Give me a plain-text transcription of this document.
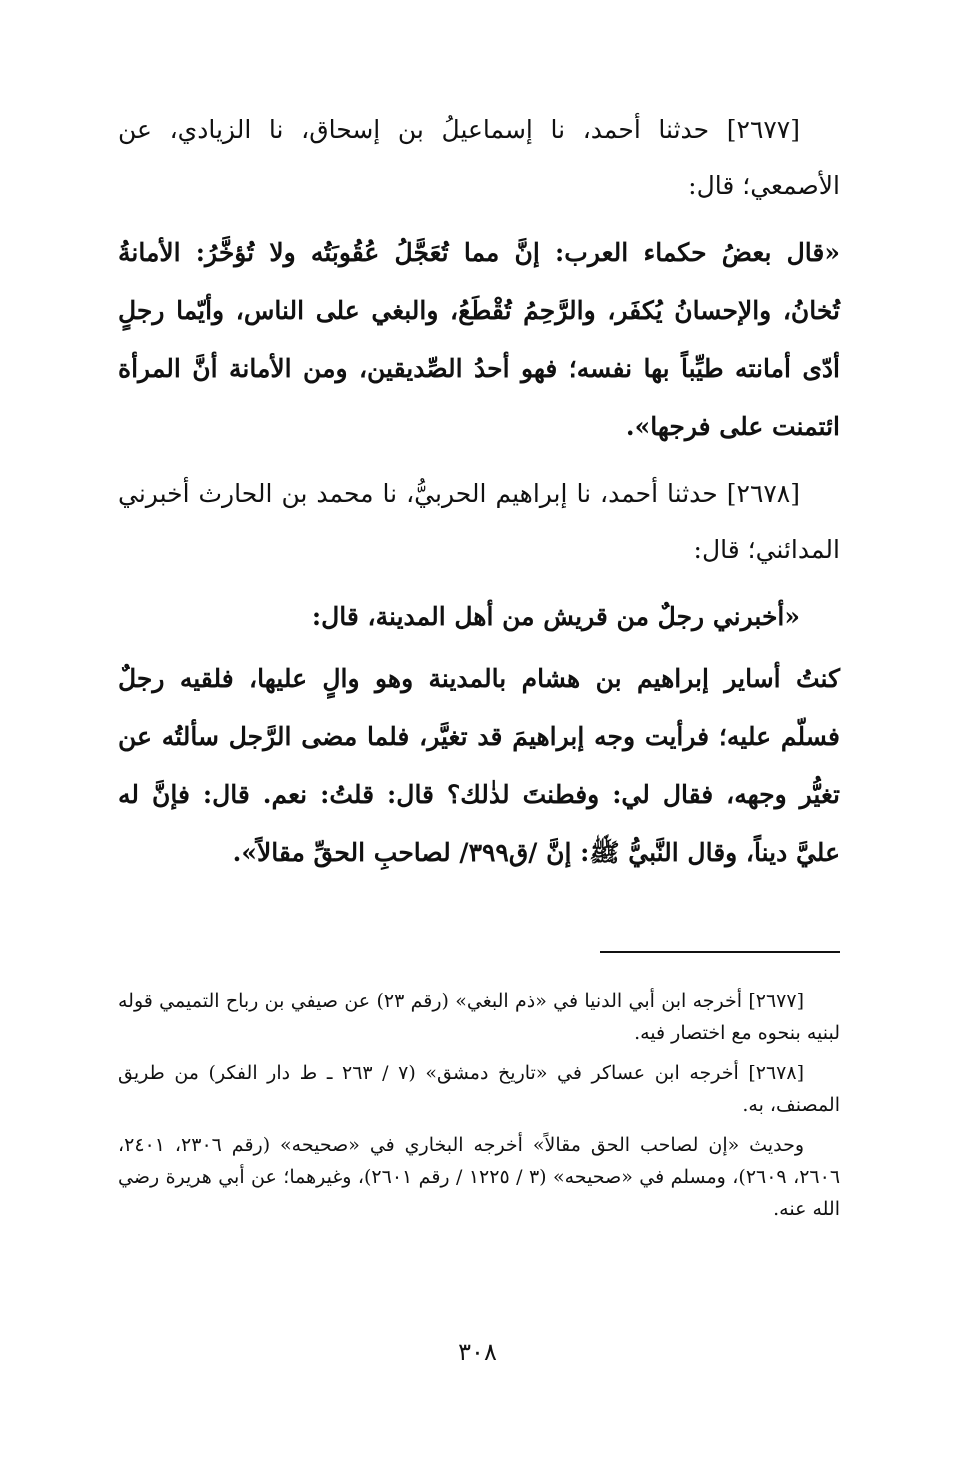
[٢٦٧٧] حدثنا أحمد، نا إسماعيلُ بن إسحاق، نا الزيادي، عن الأصمعي؛ قال:

«قال بعضُ حكماء العرب: إنَّ مما تُعَجَّلُ عُقُوبَتُه ولا تُؤخَّرُ: الأمانةُ تُخانُ، والإحسانُ يُكفَر، والرَّحِمُ تُقْطَعُ، والبغي على الناس، وأيّما رجلٍ أدّى أمانته طيِّباً بها نفسه؛ فهو أحدُ الصِّديقين، ومن الأمانة أنَّ المرأة ائتمنت على فرجها».

[٢٦٧٨] حدثنا أحمد، نا إبراهيم الحربيُّ، نا محمد بن الحارث أخبرني المدائني؛ قال:

«أخبرني رجلٌ من قريش من أهل المدينة، قال:

كنتُ أساير إبراهيم بن هشام بالمدينة وهو والٍ عليها، فلقيه رجلٌ فسلّم عليه؛ فرأيت وجه إبراهيمَ قد تغيَّر، فلما مضى الرَّجل سألتُه عن تغيُّر وجهه، فقال لي: وفطنتَ لذٰلك؟ قال: قلتُ: نعم. قال: فإنَّ له عليَّ ديناً، وقال النَّبيُّ ﷺ: إنَّ /ق٣٩٩/ لصاحبِ الحقِّ مقالاً».

[٢٦٧٧] أخرجه ابن أبي الدنيا في «ذم البغي» (رقم ٢٣) عن صيفي بن رباح التميمي قوله لبنيه بنحوه مع اختصار فيه.

[٢٦٧٨] أخرجه ابن عساكر في «تاريخ دمشق» (٧ / ٢٦٣ ـ ط دار الفكر) من طريق المصنف، به.

وحديث «إن لصاحب الحق مقالاً» أخرجه البخاري في «صحيحه» (رقم ٢٣٠٦، ٢٤٠١، ٢٦٠٦، ٢٦٠٩)، ومسلم في «صحيحه» (٣ / ١٢٢٥ / رقم ٢٦٠١)، وغيرهما؛ عن أبي هريرة رضي الله عنه.

٣٠٨
